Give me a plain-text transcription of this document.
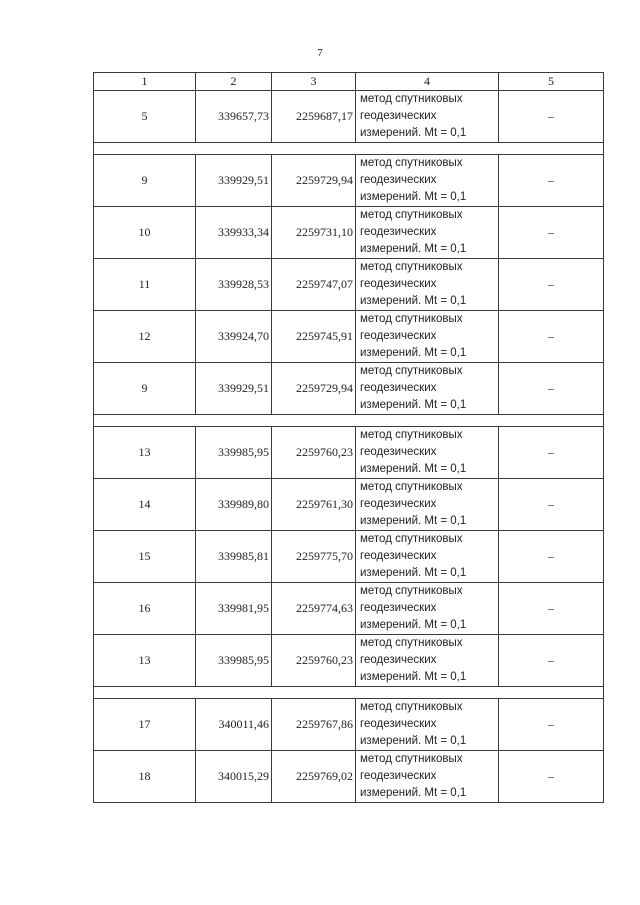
7
1	2	3	4	5
5	339657,73	2259687,17	метод спутниковых
геодезических
измерений. Mt = 0,1	–

9	339929,51	2259729,94	метод спутниковых
геодезических
измерений. Mt = 0,1	–
10	339933,34	2259731,10	метод спутниковых
геодезических
измерений. Mt = 0,1	–
11	339928,53	2259747,07	метод спутниковых
геодезических
измерений. Mt = 0,1	–
12	339924,70	2259745,91	метод спутниковых
геодезических
измерений. Mt = 0,1	–
9	339929,51	2259729,94	метод спутниковых
геодезических
измерений. Mt = 0,1	–

13	339985,95	2259760,23	метод спутниковых
геодезических
измерений. Mt = 0,1	–
14	339989,80	2259761,30	метод спутниковых
геодезических
измерений. Mt = 0,1	–
15	339985,81	2259775,70	метод спутниковых
геодезических
измерений. Mt = 0,1	–
16	339981,95	2259774,63	метод спутниковых
геодезических
измерений. Mt = 0,1	–
13	339985,95	2259760,23	метод спутниковых
геодезических
измерений. Mt = 0,1	–

17	340011,46	2259767,86	метод спутниковых
геодезических
измерений. Mt = 0,1	–
18	340015,29	2259769,02	метод спутниковых
геодезических
измерений. Mt = 0,1	–
